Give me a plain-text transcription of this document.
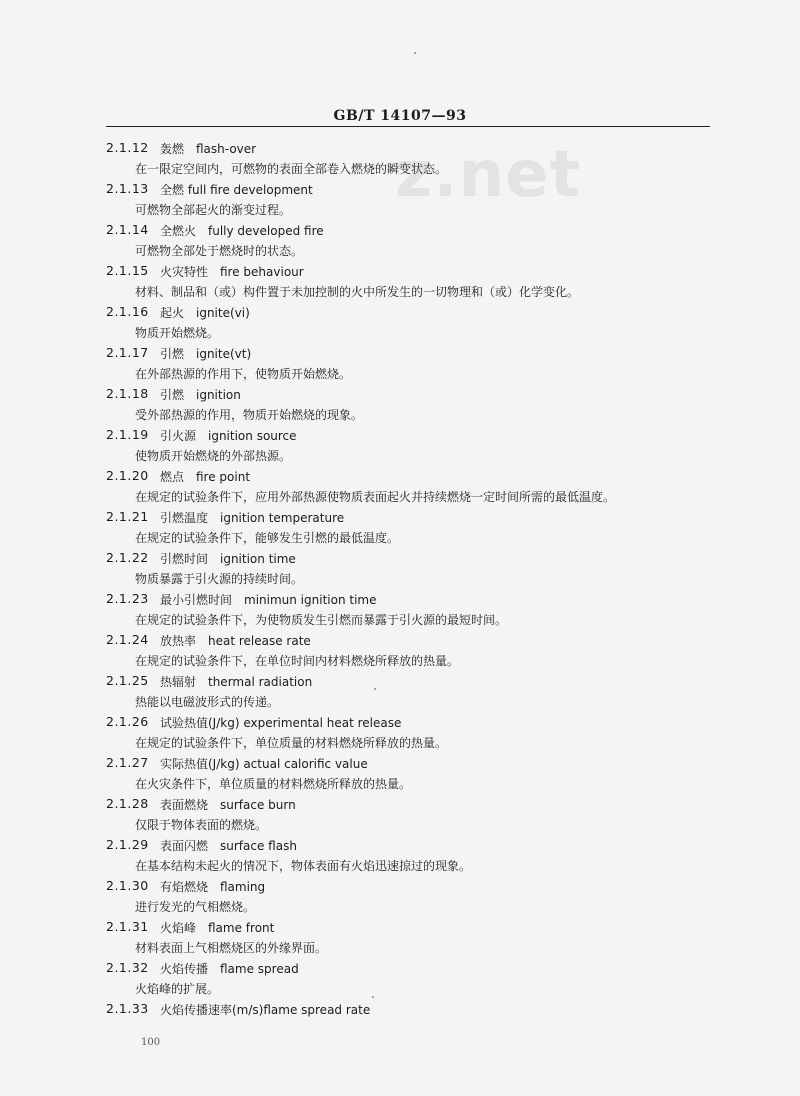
z.net
GB/T 14107—93
2.1.12 轰燃　flash-over
在一限定空间内，可燃物的表面全部卷入燃烧的瞬变状态。
2.1.13 全燃 full fire development
可燃物全部起火的渐变过程。
2.1.14 全燃火　fully developed fire
可燃物全部处于燃烧时的状态。
2.1.15 火灾特性　fire behaviour
材料、制品和（或）构件置于未加控制的火中所发生的一切物理和（或）化学变化。
2.1.16 起火　ignite(vi)
物质开始燃烧。
2.1.17 引燃　ignite(vt)
在外部热源的作用下，使物质开始燃烧。
2.1.18 引燃　ignition
受外部热源的作用，物质开始燃烧的现象。
2.1.19 引火源　ignition source
使物质开始燃烧的外部热源。
2.1.20 燃点　fire point
在规定的试验条件下，应用外部热源使物质表面起火并持续燃烧一定时间所需的最低温度。
2.1.21 引燃温度　ignition temperature
在规定的试验条件下，能够发生引燃的最低温度。
2.1.22 引燃时间　ignition time
物质暴露于引火源的持续时间。
2.1.23 最小引燃时间　minimun ignition time
在规定的试验条件下，为使物质发生引燃而暴露于引火源的最短时间。
2.1.24 放热率　heat release rate
在规定的试验条件下，在单位时间内材料燃烧所释放的热量。
2.1.25 热辐射　thermal radiation
热能以电磁波形式的传递。
2.1.26 试验热值(J/kg) experimental heat release
在规定的试验条件下，单位质量的材料燃烧所释放的热量。
2.1.27 实际热值(J/kg) actual calorific value
在火灾条件下，单位质量的材料燃烧所释放的热量。
2.1.28 表面燃烧　surface burn
仅限于物体表面的燃烧。
2.1.29 表面闪燃　surface flash
在基本结构未起火的情况下，物体表面有火焰迅速掠过的现象。
2.1.30 有焰燃烧　flaming
进行发光的气相燃烧。
2.1.31 火焰峰　flame front
材料表面上气相燃烧区的外缘界面。
2.1.32 火焰传播　flame spread
火焰峰的扩展。
2.1.33 火焰传播速率(m/s)flame spread rate
100
